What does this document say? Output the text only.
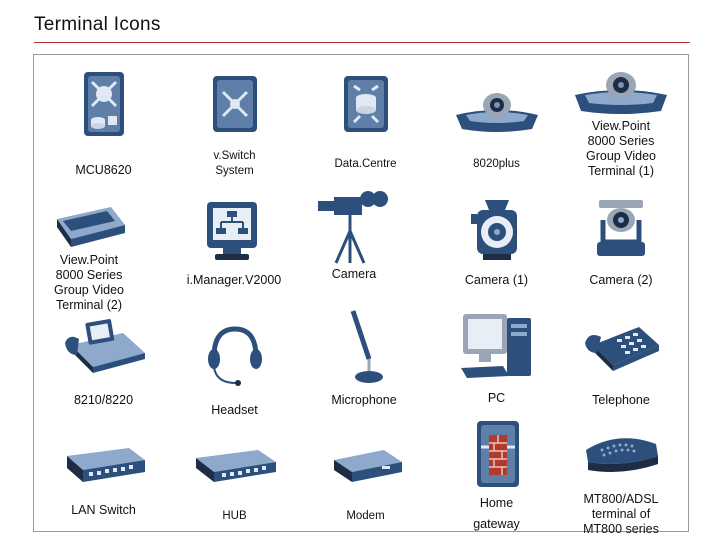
Terminal Icons
MCU8620
v.Switch
System
Data.Centre	8020plus
View.Point
8000 Series
Group Video
Terminal (1)
View.Point
8000 Series
Group Video
Terminal (2)
i.Manager.V2000	Camera	Camera (1)	Camera (2)
8210/8220
Headset
Microphone	PC	Telephone
LAN Switch	HUB	Modem
Home
gateway
MT800/ADSL
terminal of
MT800 series
